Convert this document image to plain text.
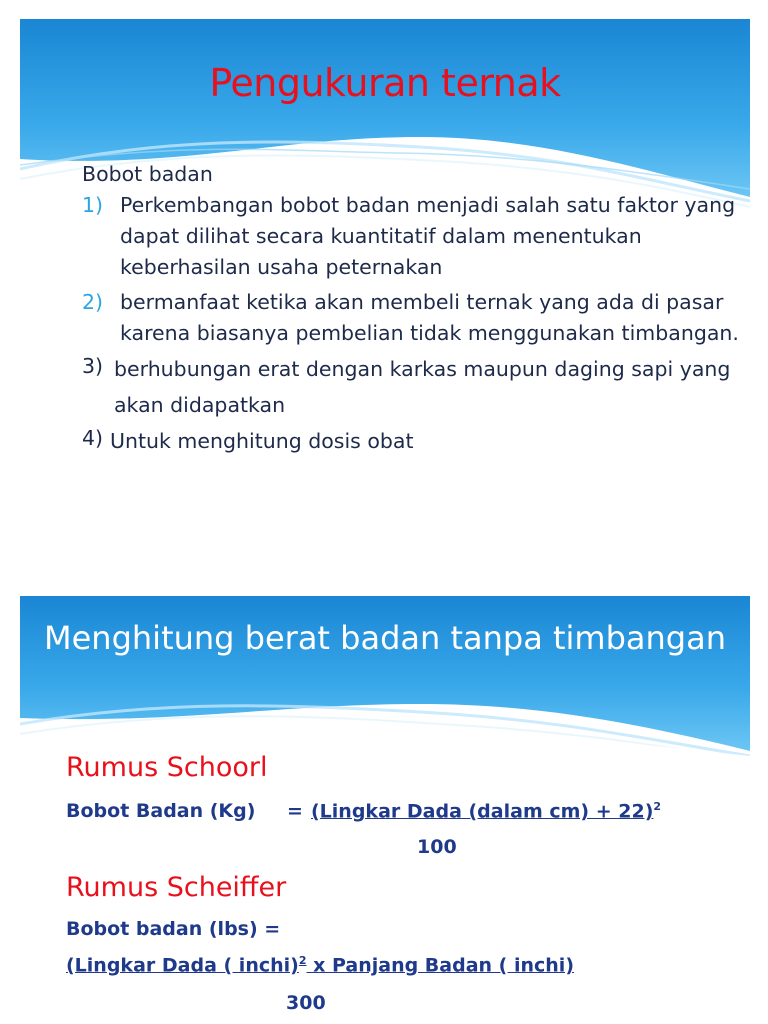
Pengukuran ternak
Bobot badan
1) Perkembangan bobot badan menjadi salah satu faktor yang dapat dilihat secara kuantitatif dalam menentukan keberhasilan usaha peternakan
2) bermanfaat ketika akan membeli ternak yang ada di pasar karena biasanya pembelian tidak menggunakan timbangan.
3) berhubungan erat dengan karkas maupun daging sapi yang akan didapatkan
4) Untuk menghitung dosis obat
Menghitung berat badan tanpa timbangan
Rumus Schoorl
Bobot Badan (Kg) = (Lingkar Dada (dalam cm) + 22)$^2$
100
Rumus Scheiffer
Bobot badan (lbs) =
(Lingkar Dada ( inchi)$^2$ x Panjang Badan ( inchi)
300
